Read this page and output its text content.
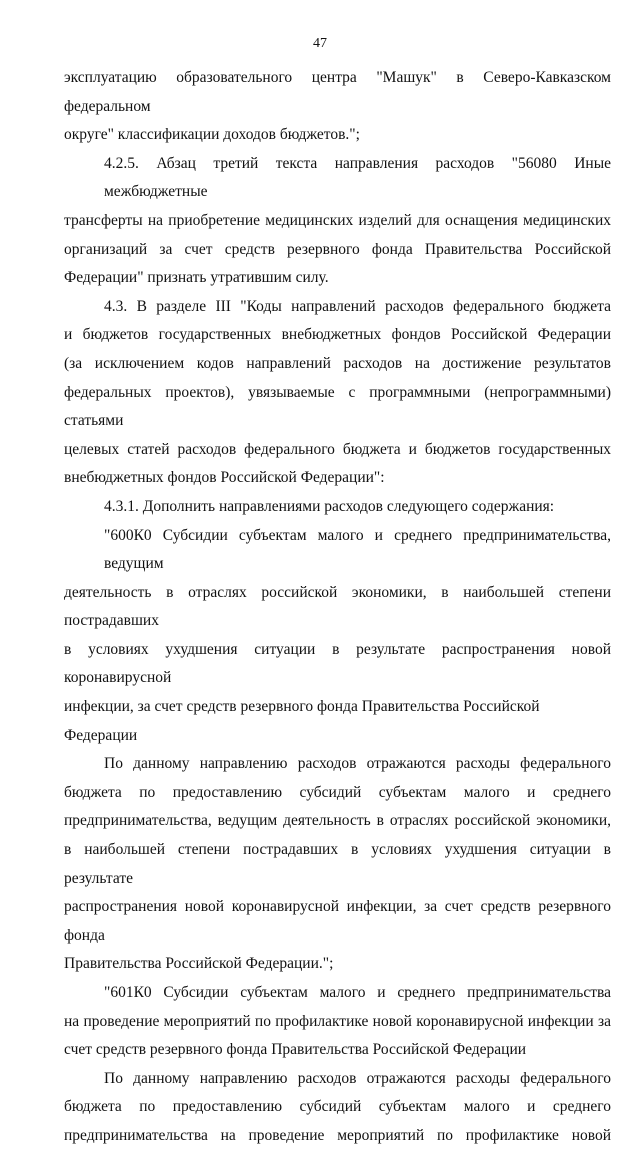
47
эксплуатацию образовательного центра "Машук" в Северо-Кавказском федеральном
округе" классификации доходов бюджетов.";
4.2.5. Абзац третий текста направления расходов "56080 Иные межбюджетные
трансферты на приобретение медицинских изделий для оснащения медицинских
организаций за счет средств резервного фонда Правительства Российской
Федерации" признать утратившим силу.
4.3. В разделе III "Коды направлений расходов федерального бюджета
и бюджетов государственных внебюджетных фондов Российской Федерации
(за исключением кодов направлений расходов на достижение результатов
федеральных проектов), увязываемые с программными (непрограммными) статьями
целевых статей расходов федерального бюджета и бюджетов государственных
внебюджетных фондов Российской Федерации":
4.3.1. Дополнить направлениями расходов следующего содержания:
"600К0 Субсидии субъектам малого и среднего предпринимательства, ведущим
деятельность в отраслях российской экономики, в наибольшей степени пострадавших
в условиях ухудшения ситуации в результате распространения новой коронавирусной
инфекции, за счет средств резервного фонда Правительства Российской Федерации
По данному направлению расходов отражаются расходы федерального
бюджета по предоставлению субсидий субъектам малого и среднего
предпринимательства, ведущим деятельность в отраслях российской экономики,
в наибольшей степени пострадавших в условиях ухудшения ситуации в результате
распространения новой коронавирусной инфекции, за счет средств резервного фонда
Правительства Российской Федерации.";
"601К0 Субсидии субъектам малого и среднего предпринимательства
на проведение мероприятий по профилактике новой коронавирусной инфекции за
счет средств резервного фонда Правительства Российской Федерации
По данному направлению расходов отражаются расходы федерального
бюджета по предоставлению субсидий субъектам малого и среднего
предпринимательства на проведение мероприятий по профилактике новой
